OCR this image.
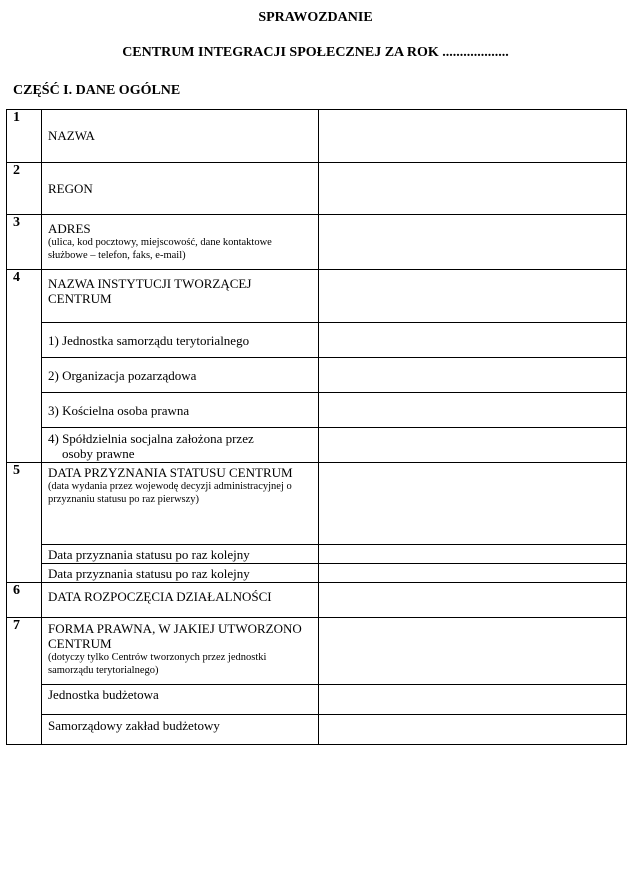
SPRAWOZDANIE
CENTRUM INTEGRACJI SPOŁECZNEJ ZA ROK ...................
CZĘŚĆ I. DANE OGÓLNE
1	NAZWA	
2	REGON	
3	ADRES
(ulica, kod pocztowy, miejscowość, dane kontaktowe służbowe – telefon, faks, e-mail)	

4	NAZWA INSTYTUCJI TWORZĄCEJ CENTRUM	
	1) Jednostka samorządu terytorialnego	
	2) Organizacja pozarządowa	
	3) Kościelna osoba prawna	
	4) Spółdzielnia socjalna założona przez
osoby prawne	

5	DATA PRZYZNANIA STATUSU CENTRUM
(data wydania przez wojewodę decyzji administracyjnej o przyznaniu statusu po raz pierwszy)	

	Data przyznania statusu po raz kolejny	
	Data przyznania statusu po raz kolejny	
6	DATA ROZPOCZĘCIA DZIAŁALNOŚCI	
7	FORMA PRAWNA, W JAKIEJ UTWORZONO CENTRUM
(dotyczy tylko Centrów tworzonych przez jednostki samorządu terytorialnego)	

	Jednostka budżetowa	
	Samorządowy zakład budżetowy	
